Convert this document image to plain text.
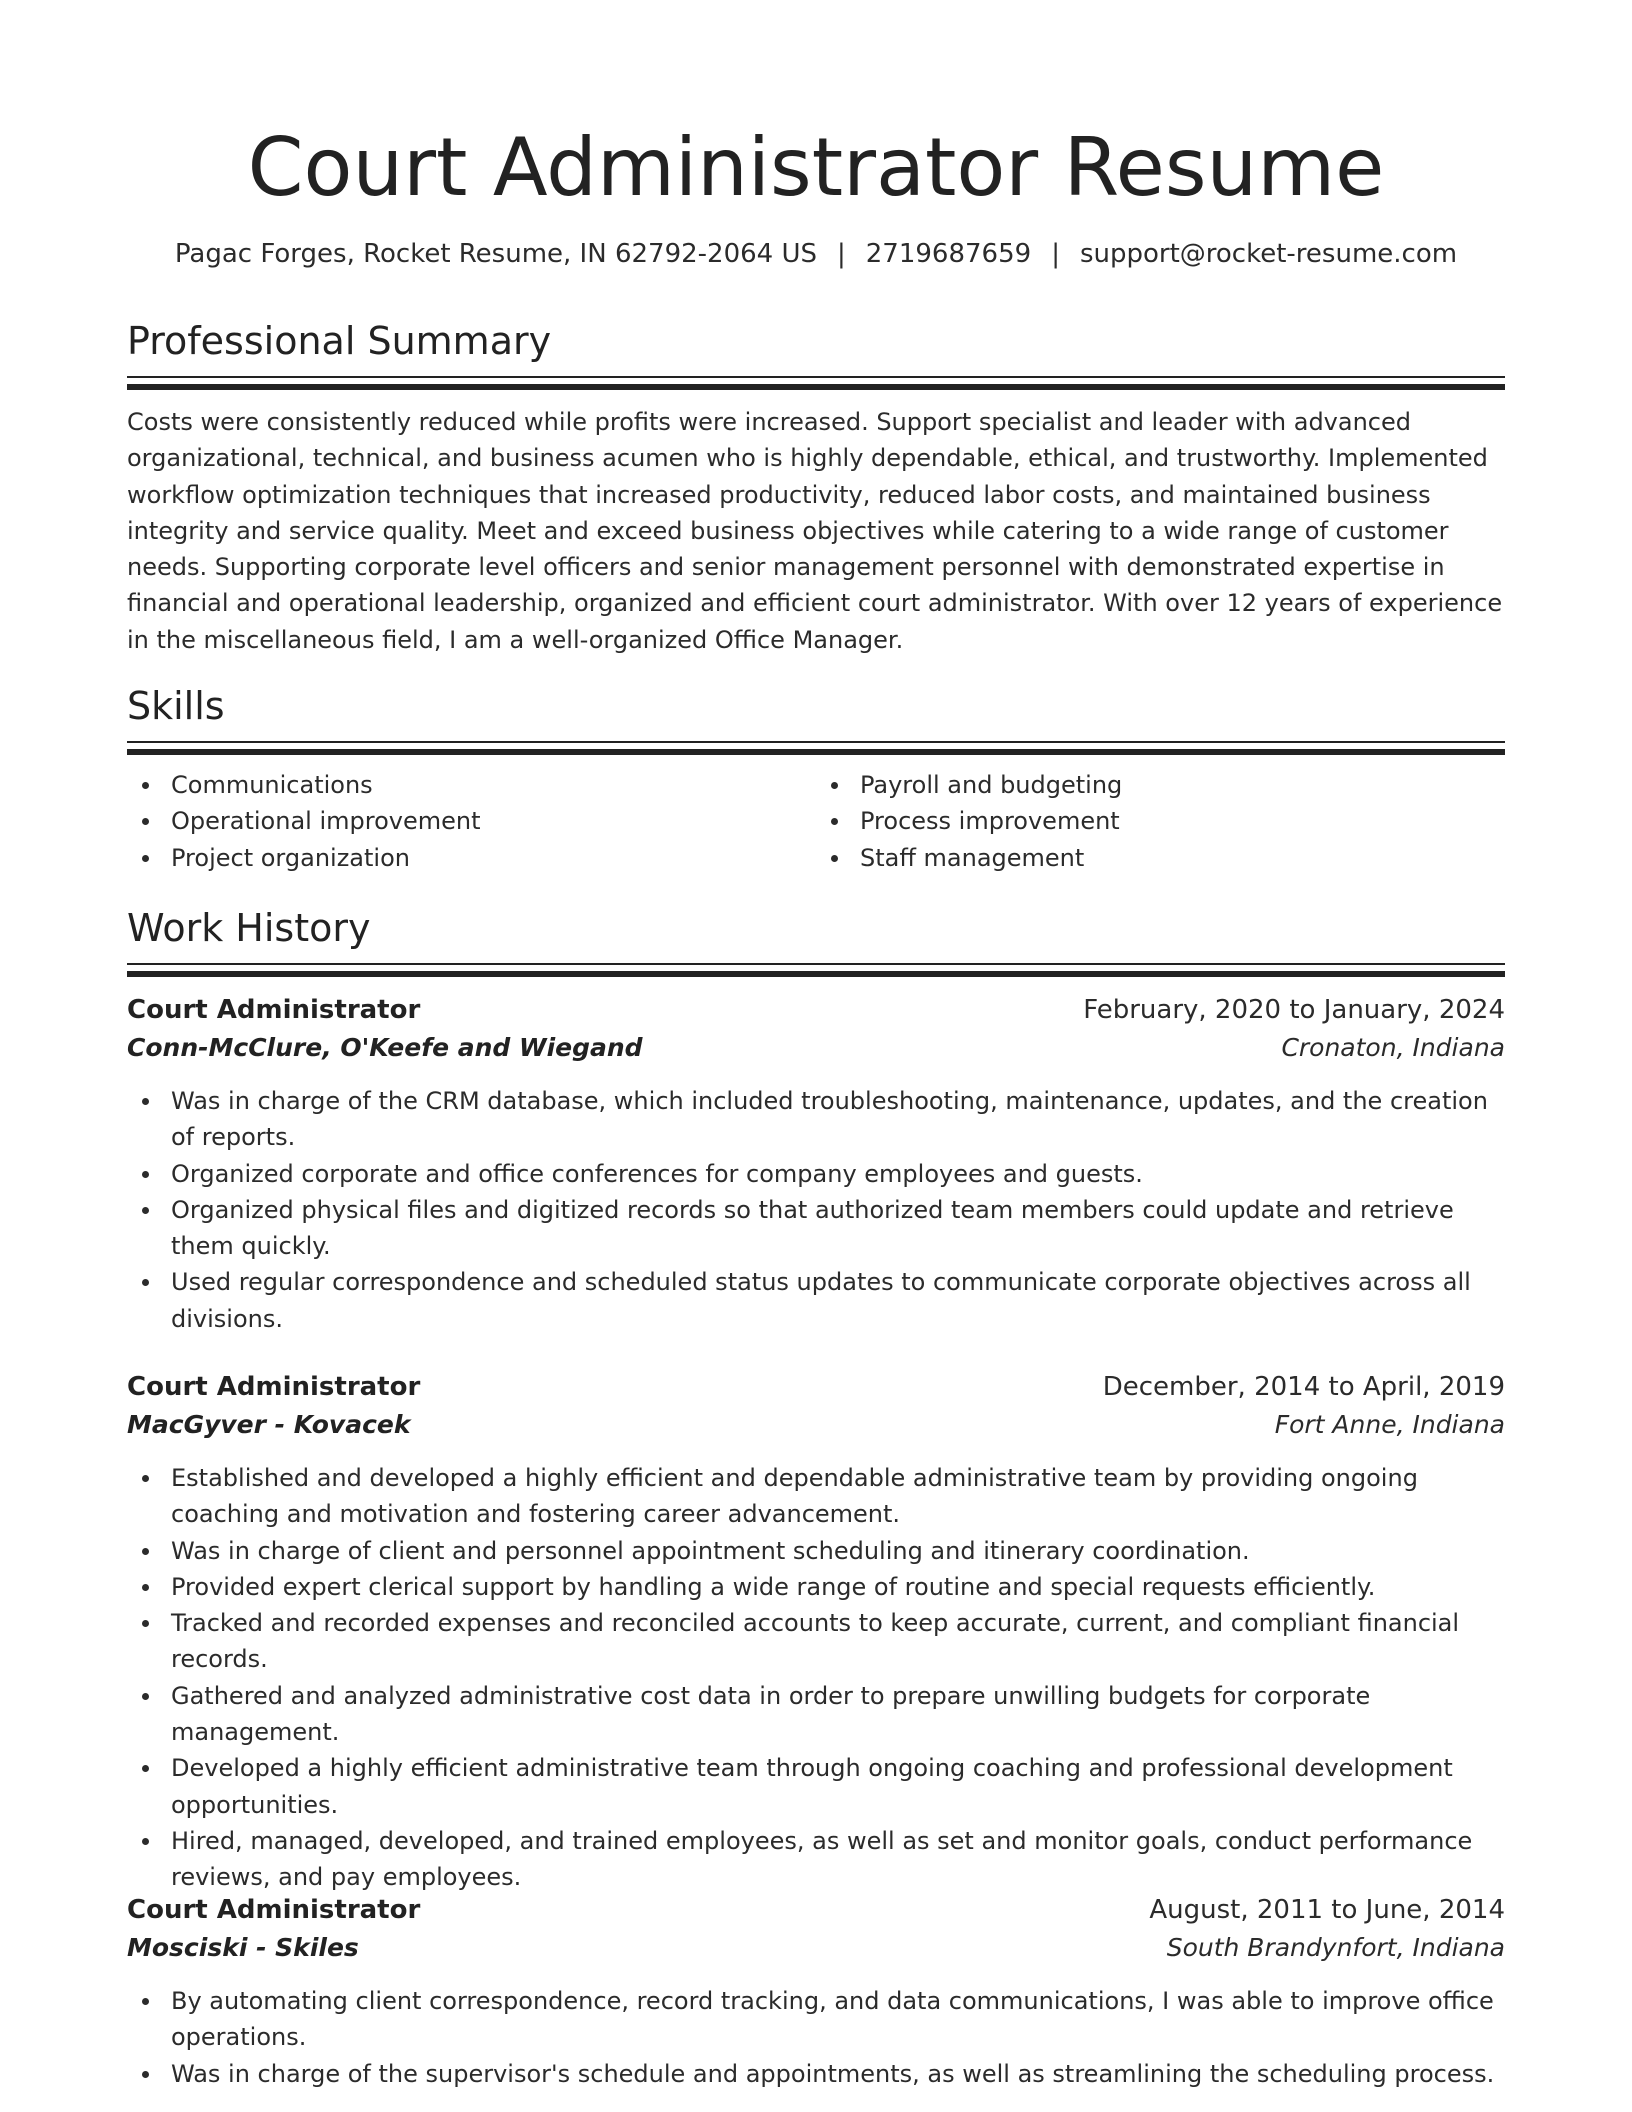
Court Administrator Resume
Pagac Forges, Rocket Resume, IN 62792-2064 US | 2719687659 | support@rocket-resume.com
Professional Summary

Costs were consistently reduced while profits were increased. Support specialist and leader with advanced organizational, technical, and business acumen who is highly dependable, ethical, and trustworthy. Implemented workflow optimization techniques that increased productivity, reduced labor costs, and maintained business integrity and service quality. Meet and exceed business objectives while catering to a wide range of customer needs. Supporting corporate level officers and senior management personnel with demonstrated expertise in financial and operational leadership, organized and efficient court administrator. With over 12 years of experience in the miscellaneous field, I am a well-organized Office Manager.

Skills
Communications
Operational improvement
Project organization
Payroll and budgeting
Process improvement
Staff management
Work History
Court Administrator	February, 2020 to January, 2024
Conn-McClure, O'Keefe and Wiegand	Cronaton, Indiana
Was in charge of the CRM database, which included troubleshooting, maintenance, updates, and the creation of reports.
Organized corporate and office conferences for company employees and guests.
Organized physical files and digitized records so that authorized team members could update and retrieve them quickly.
Used regular correspondence and scheduled status updates to communicate corporate objectives across all divisions.
Court Administrator	December, 2014 to April, 2019
MacGyver - Kovacek	Fort Anne, Indiana
Established and developed a highly efficient and dependable administrative team by providing ongoing coaching and motivation and fostering career advancement.
Was in charge of client and personnel appointment scheduling and itinerary coordination.
Provided expert clerical support by handling a wide range of routine and special requests efficiently.
Tracked and recorded expenses and reconciled accounts to keep accurate, current, and compliant financial records.
Gathered and analyzed administrative cost data in order to prepare unwilling budgets for corporate management.
Developed a highly efficient administrative team through ongoing coaching and professional development opportunities.
Hired, managed, developed, and trained employees, as well as set and monitor goals, conduct performance reviews, and pay employees.
Court Administrator	August, 2011 to June, 2014
Mosciski - Skiles	South Brandynfort, Indiana
By automating client correspondence, record tracking, and data communications, I was able to improve office operations.
Was in charge of the supervisor's schedule and appointments, as well as streamlining the scheduling process.
